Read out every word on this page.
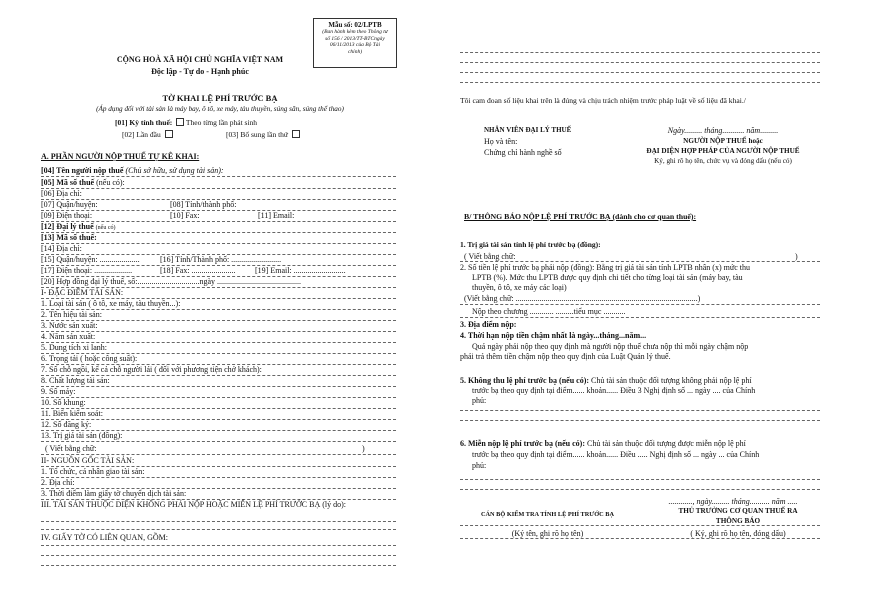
Mẫu số: 02/LPTB
(Ban hành kèm theo Thông tư
số 156 / 2013/TT-BTCngày
06/11/2013 của Bộ Tài
chính)
CỘNG HOÀ XÃ HỘI CHỦ NGHĨA VIỆT NAM
Độc lập - Tự do - Hạnh phúc
TỜ KHAI LỆ PHÍ TRƯỚC BẠ
(Áp dụng đối với tài sản là máy bay, ô tô, xe máy, tàu thuyền, súng săn, súng thể thao)
[01] Kỳ tính thuế: Theo từng lần phát sinh
[02] Lần đầu	[03] Bổ sung lần thứ
A. PHẦN NGƯỜI NỘP THUẾ TỰ KÊ KHAI:
[04] Tên người nộp thuế (Chủ sở hữu, sử dụng tài sản):
[05] Mã số thuế (nếu có):
[06] Địa chỉ:
[07] Quận/huyện:	[08] Tỉnh/thành phố:
[09] Điện thoại:	[10] Fax:	[11] Email:
[12] Đại lý thuế (nếu có)
[13] Mã số thuế:
[14] Địa chỉ:
[15] Quận/huyện: ....................	[16] Tỉnh/Thành phố: .........................
[17] Điện thoại: ...................	[18] Fax: ...................... [19] Email: ..........................
[20] Hợp đồng đại lý thuế, số:...............................ngày ..........................................
I- ĐẶC ĐIỂM TÀI SẢN:
1. Loại tài sản ( ô tô, xe máy, tàu thuyền...):
2. Tên hiệu tài sản:
3. Nước sản xuất:
4. Năm sản xuất:
5. Dung tích xi lanh:
6. Trọng tải ( hoặc công suất):
7. Số chỗ ngồi, kể cả chỗ người lái ( đối với phương tiện chở khách):
8. Chất lượng tài sản:
9. Số máy:
10. Số khung:
11. Biển kiểm soát:
12. Số đăng ký:
13. Trị giá tài sản (đồng):
( Viết bằng chữ:	)
II- NGUỒN GỐC TÀI SẢN:
1. Tổ chức, cá nhân giao tài sản:
2. Địa chỉ:
3. Thời điểm làm giấy tờ chuyển dịch tài sản:
III. TÀI SẢN THUỘC DIỆN KHÔNG PHẢI NỘP HOẶC MIỄN LỆ PHÍ TRƯỚC BẠ (lý do):
IV. GIẤY TỜ CÓ LIÊN QUAN, GỒM:
Tôi cam đoan số liệu khai trên là đúng và chịu trách nhiệm trước pháp luật về số liệu đã khai./
NHÂN VIÊN ĐẠI LÝ THUẾ
Họ và tên:
Chứng chỉ hành nghề số
Ngày......... tháng........... năm.........
NGƯỜI NỘP THUẾ hoặc
ĐẠI DIỆN HỢP PHÁP CỦA NGƯỜI NỘP THUẾ
Ký, ghi rõ họ tên, chức vụ và đóng dấu (nếu có)
B/ THÔNG BÁO NỘP LỆ PHÍ TRƯỚC BẠ (dành cho cơ quan thuế):
1. Trị giá tài sản tính lệ phí trước bạ (đồng):
( Viết bằng chữ:	)
2. Số tiền lệ phí trước bạ phải nộp (đồng): Bằng trị giá tài sản tính LPTB nhân (x) mức thu
LPTB (%). Mức thu LPTB được quy định chi tiết cho từng loại tài sản (máy bay, tàu
thuyền, ô tô, xe máy các loại)
(Viết bằng chữ: ...........................................................................................)
Nộp theo chương ............ .........tiểu mục ...........
3. Địa điểm nộp:
4. Thời hạn nộp tiền chậm nhất là ngày...tháng...năm...
Quá ngày phải nộp theo quy định mà người nộp thuế chưa nộp thì mỗi ngày chậm nộp
phải trả thêm tiền chậm nộp theo quy định của Luật Quản lý thuế.
5. Không thu lệ phí trước bạ (nếu có): Chủ tài sản thuộc đối tượng không phải nộp lệ phí
trước bạ theo quy định tại điểm...... khoản...... Điều 3 Nghị định số ... ngày .... của Chính
phủ:
6. Miễn nộp lệ phí trước bạ (nếu có): Chủ tài sản thuộc đối tượng được miễn nộp lệ phí
trước bạ theo quy định tại điểm...... khoản...... Điều ..... Nghị định số ... ngày ... của Chính
phủ:
............, ngày......... tháng.......... năm .....
CÁN BỘ KIỂM TRA TÍNH LỆ PHÍ TRƯỚC BẠ
(Ký tên, ghi rõ họ tên)
THỦ TRƯỞNG CƠ QUAN THUẾ RA
THÔNG BÁO
( Ký, ghi rõ họ tên, đóng dấu)
